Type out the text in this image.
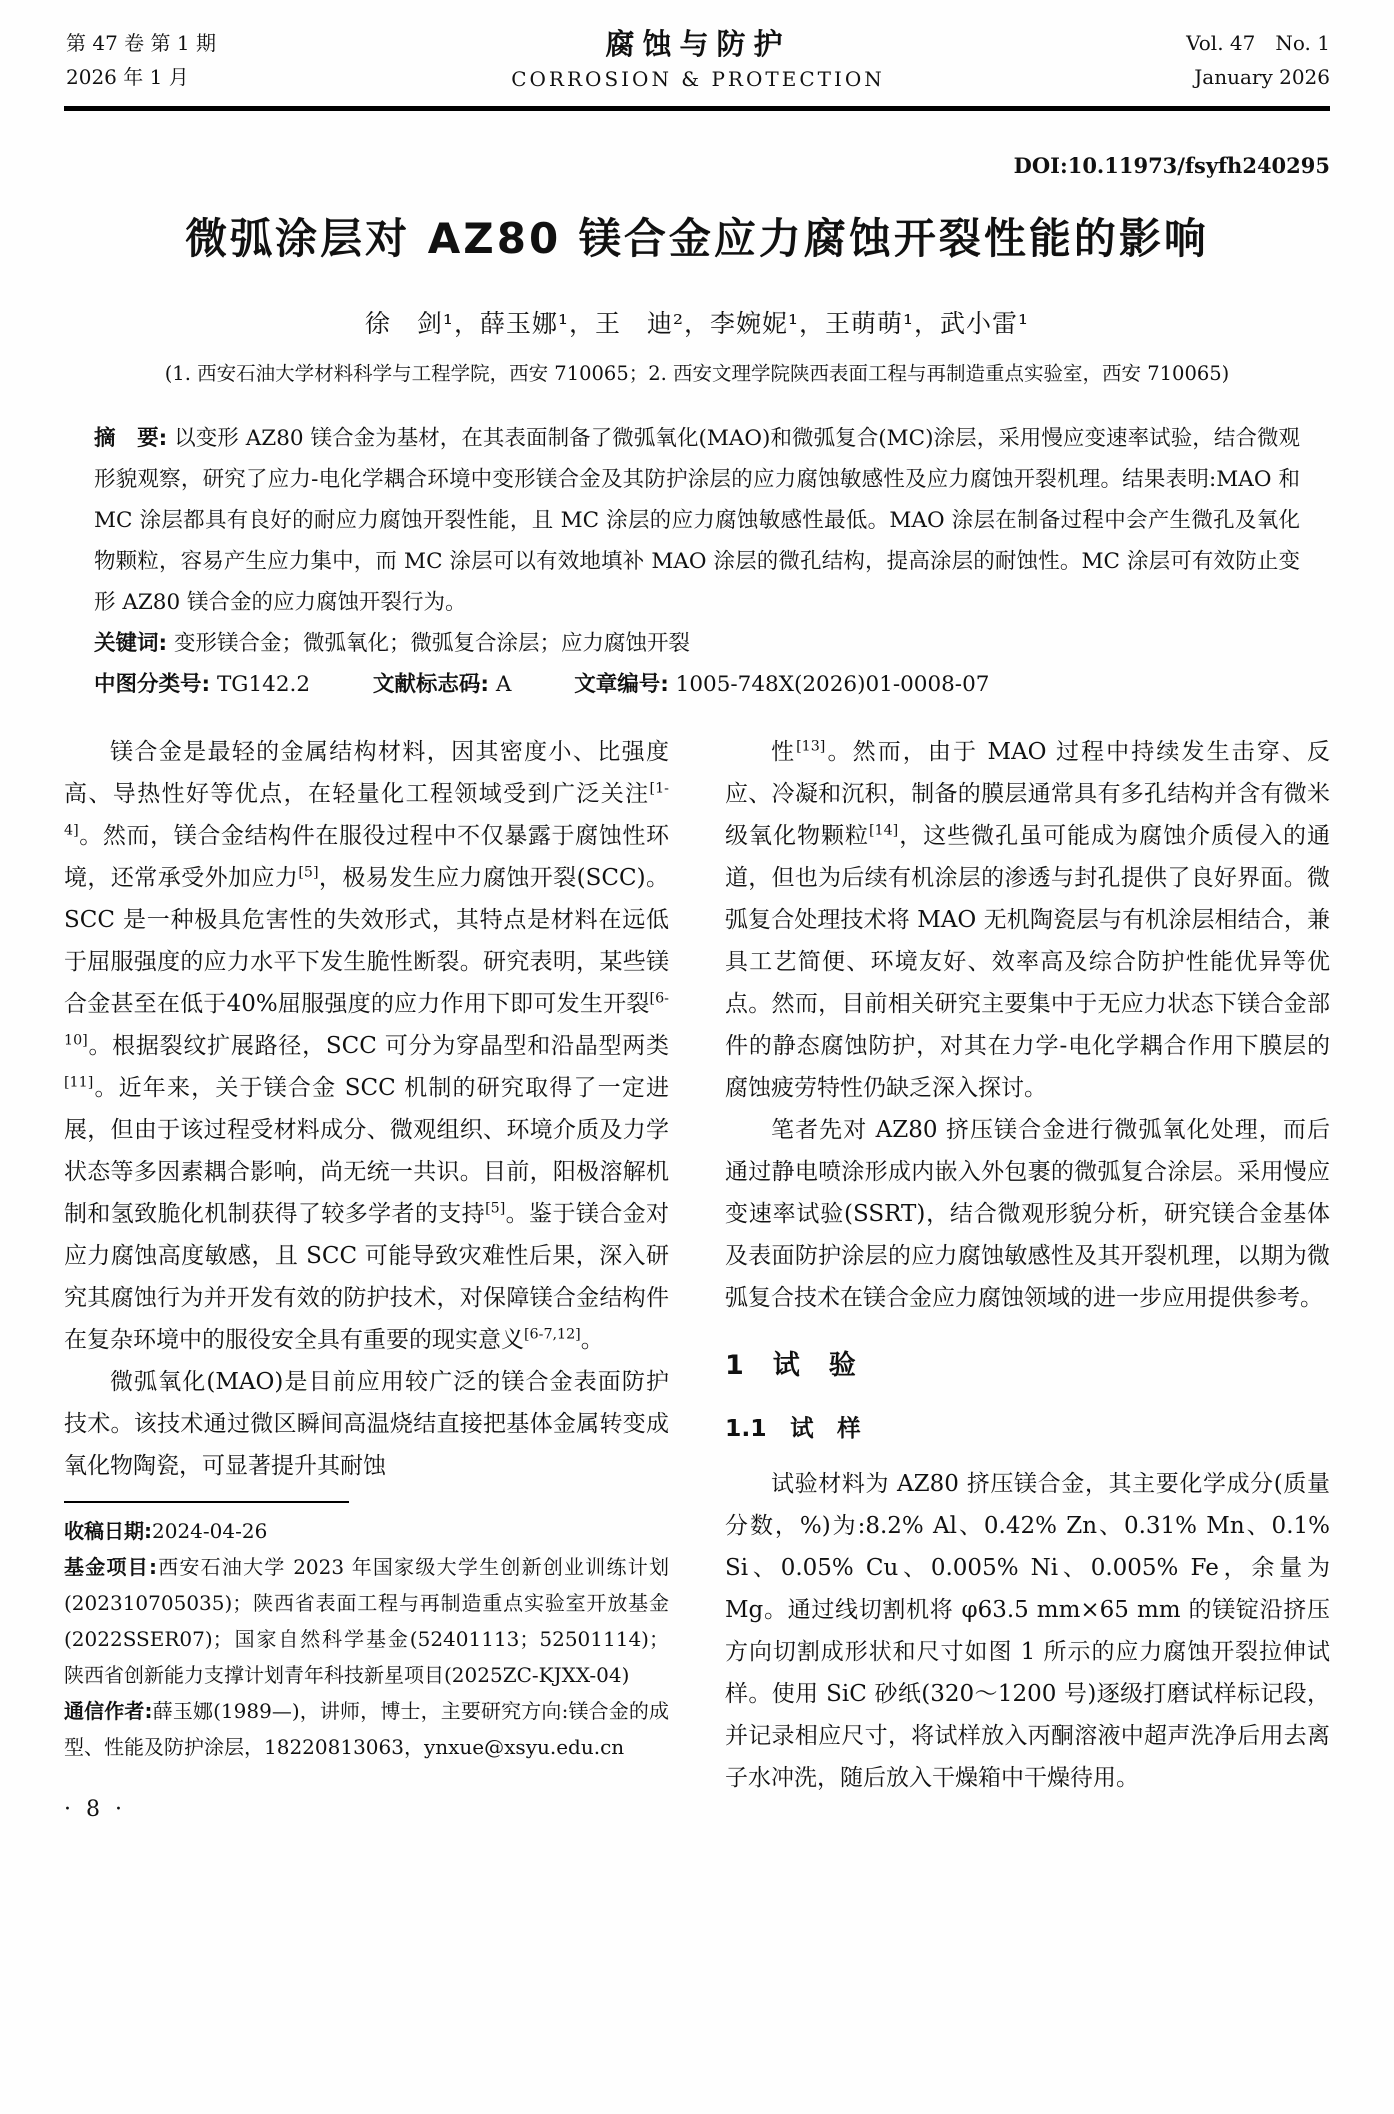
第 47 卷 第 1 期
2026 年 1 月
腐蚀与防护
CORROSION & PROTECTION
Vol. 47　No. 1
January 2026
DOI:10.11973/fsyfh240295
微弧涂层对 AZ80 镁合金应力腐蚀开裂性能的影响
徐　剑¹，薛玉娜¹，王　迪²，李婉妮¹，王萌萌¹，武小雷¹
(1. 西安石油大学材料科学与工程学院，西安 710065；2. 西安文理学院陕西表面工程与再制造重点实验室，西安 710065)

摘　要: 以变形 AZ80 镁合金为基材，在其表面制备了微弧氧化(MAO)和微弧复合(MC)涂层，采用慢应变速率试验，结合微观形貌观察，研究了应力-电化学耦合环境中变形镁合金及其防护涂层的应力腐蚀敏感性及应力腐蚀开裂机理。结果表明:MAO 和 MC 涂层都具有良好的耐应力腐蚀开裂性能，且 MC 涂层的应力腐蚀敏感性最低。MAO 涂层在制备过程中会产生微孔及氧化物颗粒，容易产生应力集中，而 MC 涂层可以有效地填补 MAO 涂层的微孔结构，提高涂层的耐蚀性。MC 涂层可有效防止变形 AZ80 镁合金的应力腐蚀开裂行为。

关键词: 变形镁合金；微弧氧化；微弧复合涂层；应力腐蚀开裂

中图分类号: TG142.2	文献标志码: A	文章编号: 1005-748X(2026)01-0008-07

镁合金是最轻的金属结构材料，因其密度小、比强度高、导热性好等优点，在轻量化工程领域受到广泛关注[1-4]。然而，镁合金结构件在服役过程中不仅暴露于腐蚀性环境，还常承受外加应力[5]，极易发生应力腐蚀开裂(SCC)。SCC 是一种极具危害性的失效形式，其特点是材料在远低于屈服强度的应力水平下发生脆性断裂。研究表明，某些镁合金甚至在低于40%屈服强度的应力作用下即可发生开裂[6-10]。根据裂纹扩展路径，SCC 可分为穿晶型和沿晶型两类[11]。近年来，关于镁合金 SCC 机制的研究取得了一定进展，但由于该过程受材料成分、微观组织、环境介质及力学状态等多因素耦合影响，尚无统一共识。目前，阳极溶解机制和氢致脆化机制获得了较多学者的支持[5]。鉴于镁合金对应力腐蚀高度敏感，且 SCC 可能导致灾难性后果，深入研究其腐蚀行为并开发有效的防护技术，对保障镁合金结构件在复杂环境中的服役安全具有重要的现实意义[6-7,12]。

微弧氧化(MAO)是目前应用较广泛的镁合金表面防护技术。该技术通过微区瞬间高温烧结直接把基体金属转变成氧化物陶瓷，可显著提升其耐蚀

收稿日期:2024-04-26

基金项目:西安石油大学 2023 年国家级大学生创新创业训练计划(202310705035)；陕西省表面工程与再制造重点实验室开放基金(2022SSER07)；国家自然科学基金(52401113；52501114)；陕西省创新能力支撑计划青年科技新星项目(2025ZC-KJXX-04)

通信作者:薛玉娜(1989—)，讲师，博士，主要研究方向:镁合金的成型、性能及防护涂层，18220813063，ynxue@xsyu.edu.cn

· 8 ·

性[13]。然而，由于 MAO 过程中持续发生击穿、反应、冷凝和沉积，制备的膜层通常具有多孔结构并含有微米级氧化物颗粒[14]，这些微孔虽可能成为腐蚀介质侵入的通道，但也为后续有机涂层的渗透与封孔提供了良好界面。微弧复合处理技术将 MAO 无机陶瓷层与有机涂层相结合，兼具工艺简便、环境友好、效率高及综合防护性能优异等优点。然而，目前相关研究主要集中于无应力状态下镁合金部件的静态腐蚀防护，对其在力学-电化学耦合作用下膜层的腐蚀疲劳特性仍缺乏深入探讨。

笔者先对 AZ80 挤压镁合金进行微弧氧化处理，而后通过静电喷涂形成内嵌入外包裹的微弧复合涂层。采用慢应变速率试验(SSRT)，结合微观形貌分析，研究镁合金基体及表面防护涂层的应力腐蚀敏感性及其开裂机理，以期为微弧复合技术在镁合金应力腐蚀领域的进一步应用提供参考。

1　试　验
1.1　试　样

试验材料为 AZ80 挤压镁合金，其主要化学成分(质量分数，%)为:8.2% Al、0.42% Zn、0.31% Mn、0.1% Si、0.05% Cu、0.005% Ni、0.005% Fe，余量为 Mg。通过线切割机将 φ63.5 mm×65 mm 的镁锭沿挤压方向切割成形状和尺寸如图 1 所示的应力腐蚀开裂拉伸试样。使用 SiC 砂纸(320～1200 号)逐级打磨试样标记段，并记录相应尺寸，将试样放入丙酮溶液中超声洗净后用去离子水冲洗，随后放入干燥箱中干燥待用。
